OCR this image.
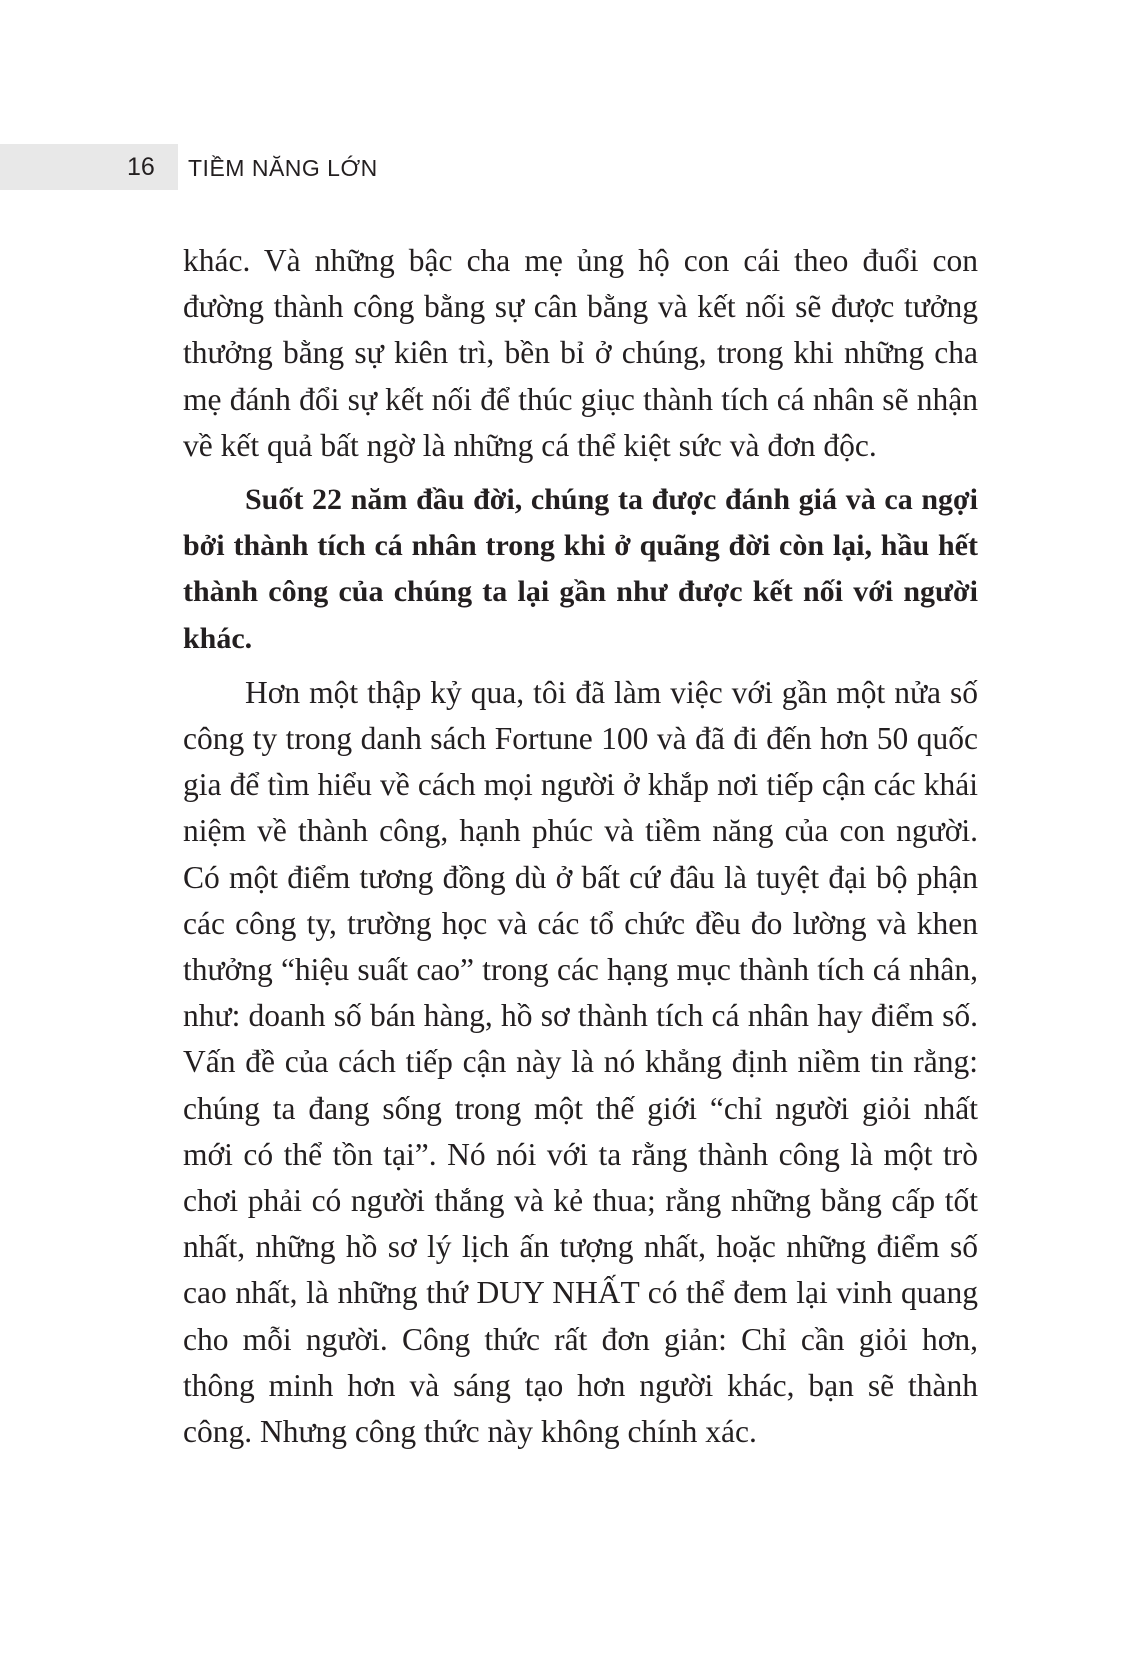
16 TIỀM NĂNG LỚN

khác. Và những bậc cha mẹ ủng hộ con cái theo đuổi con đường thành công bằng sự cân bằng và kết nối sẽ được tưởng thưởng bằng sự kiên trì, bền bỉ ở chúng, trong khi những cha mẹ đánh đổi sự kết nối để thúc giục thành tích cá nhân sẽ nhận về kết quả bất ngờ là những cá thể kiệt sức và đơn độc.

Suốt 22 năm đầu đời, chúng ta được đánh giá và ca ngợi bởi thành tích cá nhân trong khi ở quãng đời còn lại, hầu hết thành công của chúng ta lại gần như được kết nối với người khác.

Hơn một thập kỷ qua, tôi đã làm việc với gần một nửa số công ty trong danh sách Fortune 100 và đã đi đến hơn 50 quốc gia để tìm hiểu về cách mọi người ở khắp nơi tiếp cận các khái niệm về thành công, hạnh phúc và tiềm năng của con người. Có một điểm tương đồng dù ở bất cứ đâu là tuyệt đại bộ phận các công ty, trường học và các tổ chức đều đo lường và khen thưởng “hiệu suất cao” trong các hạng mục thành tích cá nhân, như: doanh số bán hàng, hồ sơ thành tích cá nhân hay điểm số. Vấn đề của cách tiếp cận này là nó khẳng định niềm tin rằng: chúng ta đang sống trong một thế giới “chỉ người giỏi nhất mới có thể tồn tại”. Nó nói với ta rằng thành công là một trò chơi phải có người thắng và kẻ thua; rằng những bằng cấp tốt nhất, những hồ sơ lý lịch ấn tượng nhất, hoặc những điểm số cao nhất, là những thứ DUY NHẤT có thể đem lại vinh quang cho mỗi người. Công thức rất đơn giản: Chỉ cần giỏi hơn, thông minh hơn và sáng tạo hơn người khác, bạn sẽ thành công. Nhưng công thức này không chính xác.
